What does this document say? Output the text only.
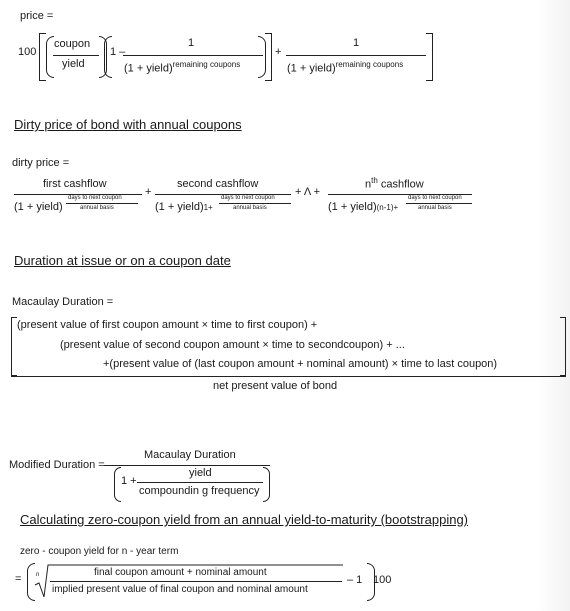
price =
100
coupon
yield
1 –
1
(1 + yield)$^{remaining coupons}$
+
1
(1 + yield)$^{remaining coupons}$
Dirty price of bond with annual coupons
dirty price =
first cashflow
(1 + yield)
days to next coupon
annual basis
+
second cashflow
(1 + yield)1+
days to next coupon
annual basis
+ Λ +
$n^{th}$ cashflow
(1 + yield)(n-1)+
days to next coupon
annual basis
Duration at issue or on a coupon date
Macaulay Duration =
(present value of first coupon amount × time to first coupon) +
(present value of second coupon amount × time to secondcoupon) + ...
+(present value of (last coupon amount + nominal amount) × time to last coupon)
net present value of bond
Modified Duration =
Macaulay Duration
1 +
yield
compoundin g frequency
Calculating zero-coupon yield from an annual yield-to-maturity (bootstrapping)
zero - coupon yield for n - year term
= n	final coupon amount + nominal amount
implied present value of final coupon and nominal amount
– 1 100
